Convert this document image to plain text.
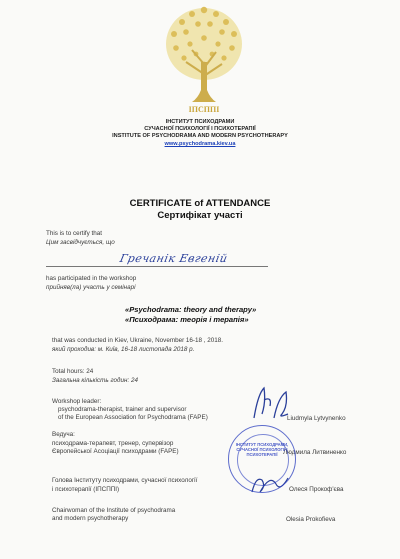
ІПСППІ
ІНСТИТУТ ПСИХОДРАМИ
СУЧАСНОЇ ПСИХОЛОГІЇ І ПСИХОТЕРАПІЇ
INSTITUTE OF PSYCHODRAMA AND MODERN PSYCHOTHERAPY
www.psychodrama.kiev.ua
CERTIFICATE of ATTENDANCE
Сертифікат участі
This is to certify that
Цим засвідчується, що
Гречанік Евгеній
has participated in the workshop
прийняв(ла) участь у семінарі
«Psychodrama: theory and therapy»
«Психодрама: теорія і терапія»
that was conducted in Kiev, Ukraine, November 16-18 , 2018.
який проходив: м. Київ, 16-18 листопада 2018 р.
Total hours: 24
Загальна кількість годин: 24
Workshop leader:
psychodrama-therapist, trainer and supervisor
of the European Association for Psychodrama (FAPE)	Liudmyla Lytvynenko
Ведуча:
психодрама-терапевт, тренер, супервізор
Європейської Асоціації психодрами (FAPE)	Людмила Литвиненко
Голова Інституту психодрами, сучасної психології
і психотерапії (ІПСППІ)	Олеся Прокоф'єва
ІНСТИТУТ ПСИХОДРАМИ, СУЧАСНОЇ ПСИХОЛОГІЇ І ПСИХОТЕРАПІЇ
Chairwoman of the Institute of psychodrama
and modern psychotherapy	Olesia Prokofieva
